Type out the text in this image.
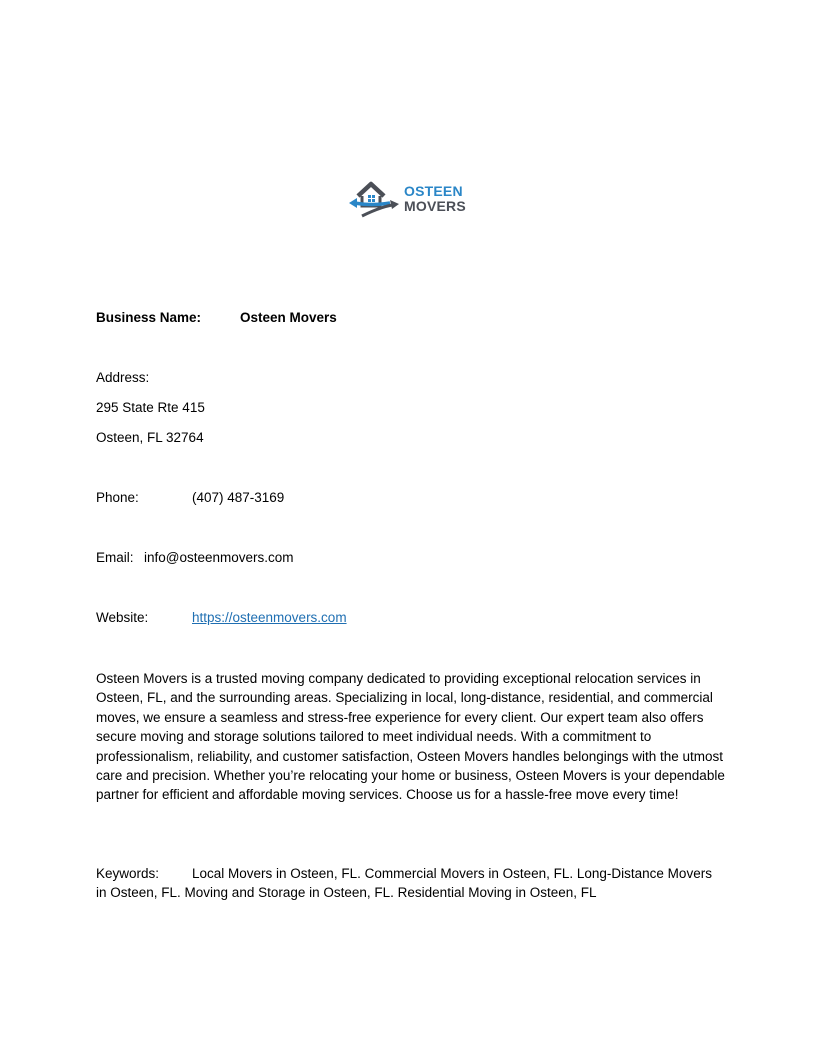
OSTEEN
MOVERS
Business Name:	Osteen Movers
Address:
295 State Rte 415
Osteen, FL 32764
Phone:	(407) 487-3169
Email: info@osteenmovers.com
Website:	https://osteenmovers.com
Osteen Movers is a trusted moving company dedicated to providing exceptional relocation services in Osteen, FL, and the surrounding areas. Specializing in local, long-distance, residential, and commercial moves, we ensure a seamless and stress-free experience for every client. Our expert team also offers secure moving and storage solutions tailored to meet individual needs. With a commitment to professionalism, reliability, and customer satisfaction, Osteen Movers handles belongings with the utmost care and precision. Whether you’re relocating your home or business, Osteen Movers is your dependable partner for efficient and affordable moving services. Choose us for a hassle-free move every time!
Keywords: Local Movers in Osteen, FL. Commercial Movers in Osteen, FL. Long-Distance Movers in Osteen, FL. Moving and Storage in Osteen, FL. Residential Moving in Osteen, FL
